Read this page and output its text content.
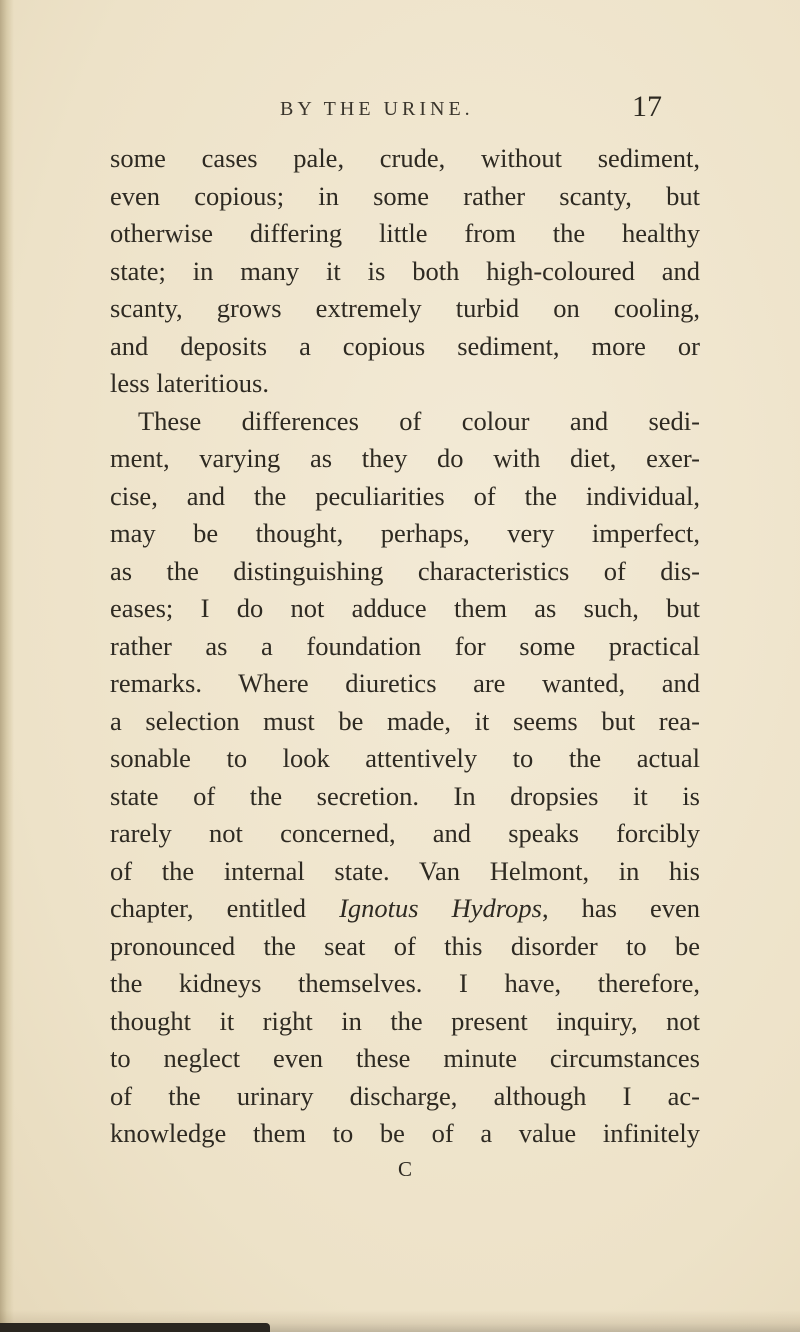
BY THE URINE.	17
some cases pale, crude, without sediment,
even copious; in some rather scanty, but
otherwise differing little from the healthy
state; in many it is both high-coloured and
scanty, grows extremely turbid on cooling,
and deposits a copious sediment, more or
less lateritious.
These differences of colour and sedi-
ment, varying as they do with diet, exer-
cise, and the peculiarities of the individual,
may be thought, perhaps, very imperfect,
as the distinguishing characteristics of dis-
eases; I do not adduce them as such, but
rather as a foundation for some practical
remarks. Where diuretics are wanted, and
a selection must be made, it seems but rea-
sonable to look attentively to the actual
state of the secretion. In dropsies it is
rarely not concerned, and speaks forcibly
of the internal state. Van Helmont, in his
chapter, entitled Ignotus Hydrops, has even
pronounced the seat of this disorder to be
the kidneys themselves. I have, therefore,
thought it right in the present inquiry, not
to neglect even these minute circumstances
of the urinary discharge, although I ac-
knowledge them to be of a value infinitely
C
